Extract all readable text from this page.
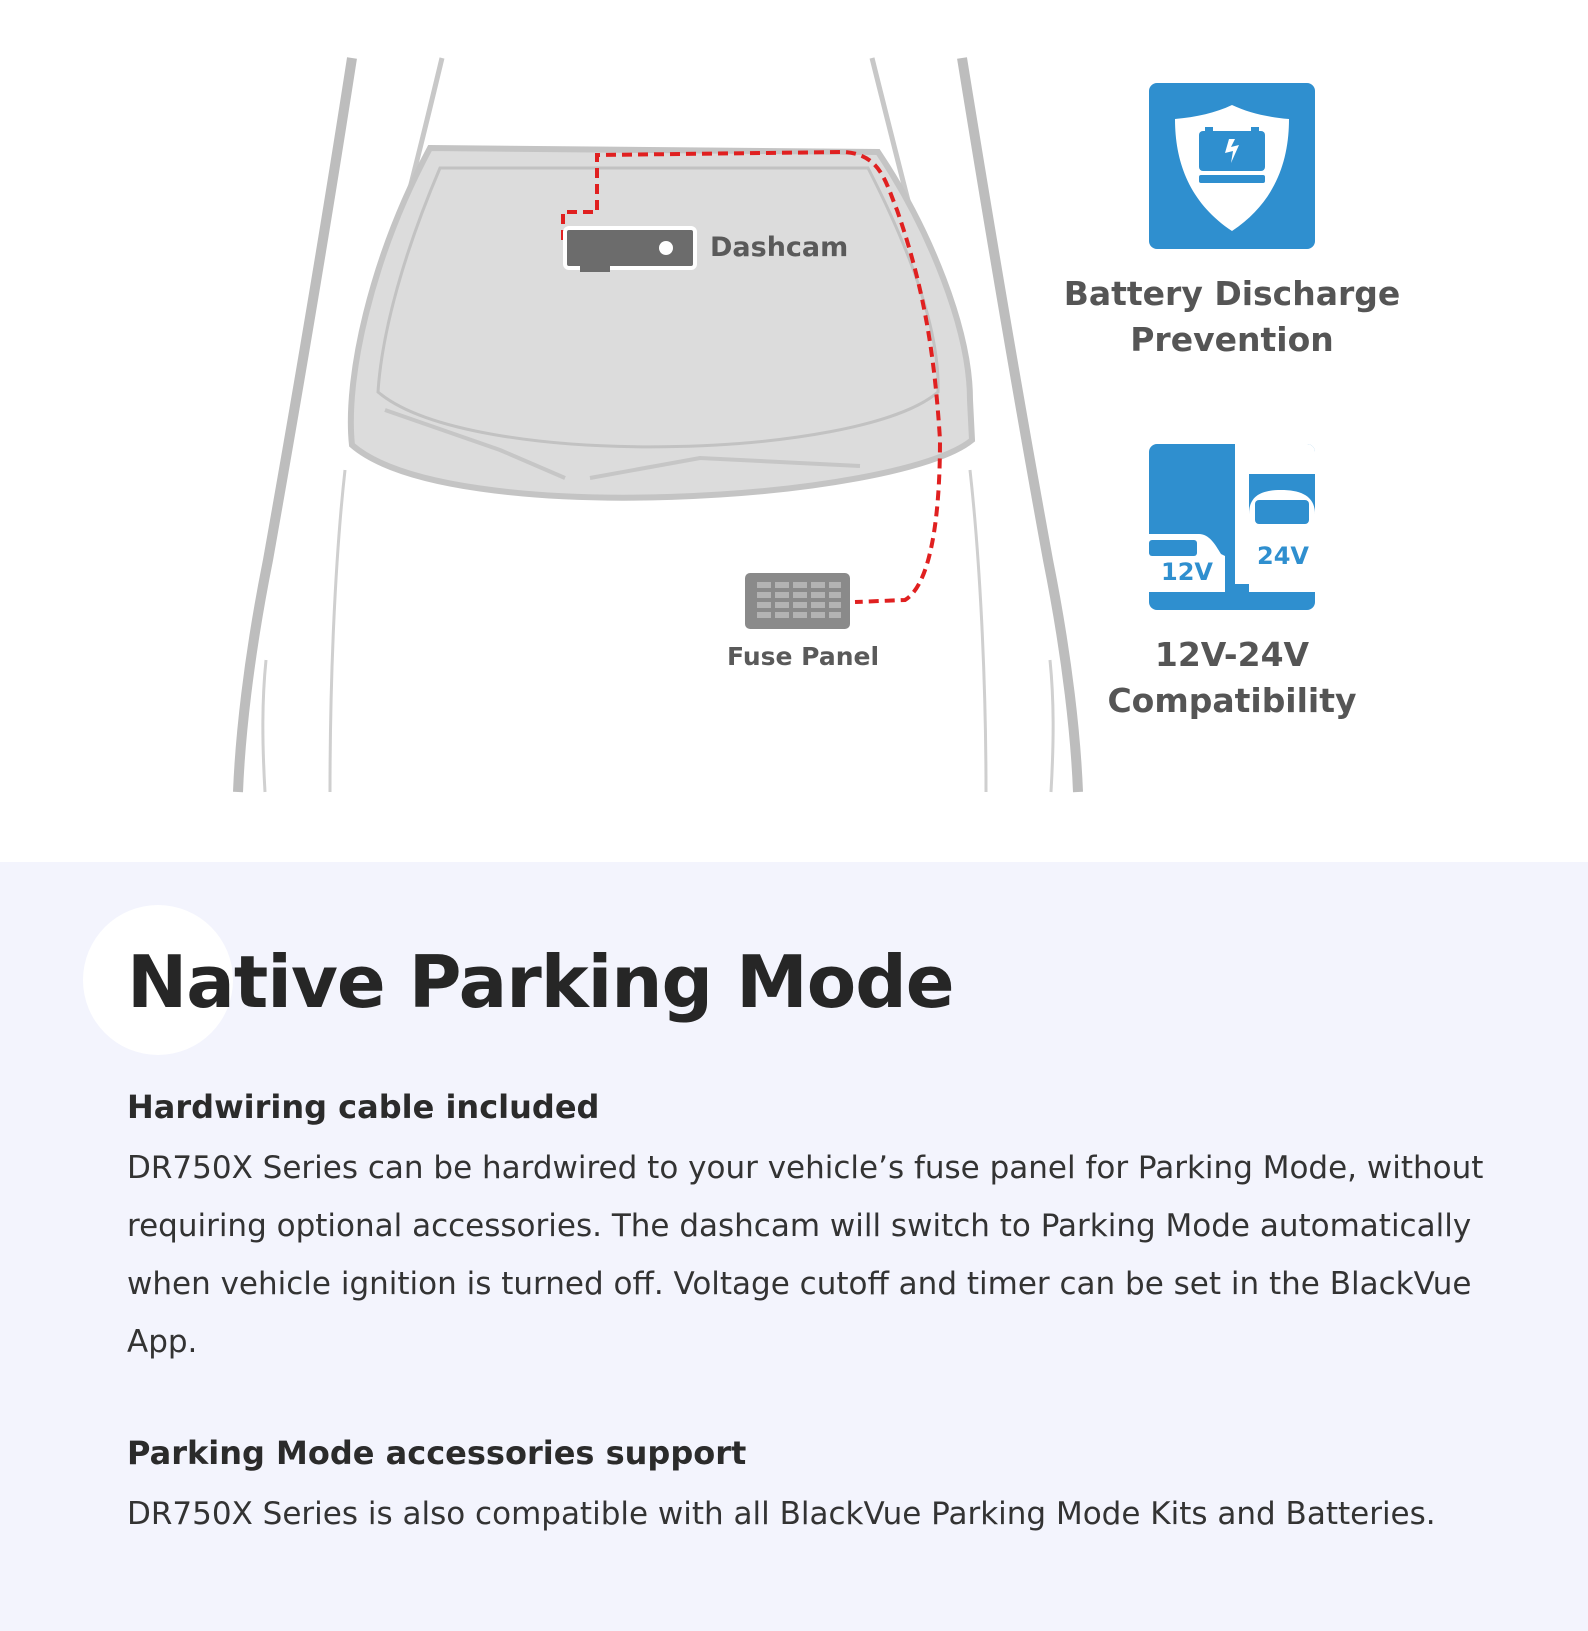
Dashcam
Fuse Panel
Battery Discharge
Prevention
12V
24V
12V-24V
Compatibility
Native Parking Mode
Hardwiring cable included

DR750X Series can be hardwired to your vehicle’s fuse panel for Parking Mode, without requiring optional accessories. The dashcam will switch to Parking Mode automatically when vehicle ignition is turned off. Voltage cutoff and timer can be set in the BlackVue App.

Parking Mode accessories support

DR750X Series is also compatible with all BlackVue Parking Mode Kits and Batteries.
